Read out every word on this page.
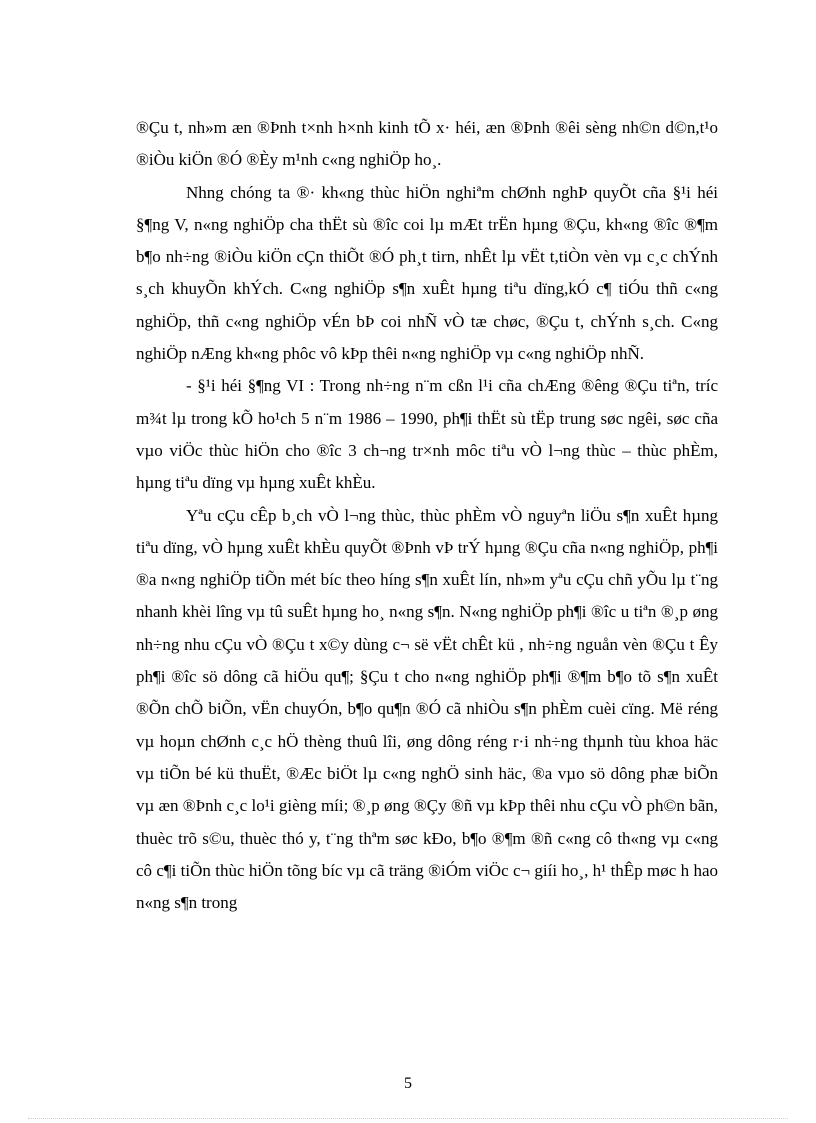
®Çu t, nh»m æn ®Þnh t×nh h×nh kinh tÕ x· héi, æn ®Þnh ®êi sèng nh©n d©n,t¹o ®iÒu kiÖn ®Ó ®Èy m¹nh c«ng nghiÖp ho¸.

Nhng chóng ta ®· kh«ng thùc hiÖn nghiªm chØnh nghÞ quyÕt cña §¹i héi §¶ng V, n«ng nghiÖp cha thËt sù ®îc coi lµ mÆt trËn hµng ®Çu, kh«ng ®îc ®¶m b¶o nh÷ng ®iÒu kiÖn cÇn thiÕt ®Ó ph¸t tirn, nhÊt lµ vËt t,tiÒn vèn vµ c¸c chÝnh s¸ch khuyÕn khÝch. C«ng nghiÖp s¶n xuÊt hµng tiªu dïng,kÓ c¶ tiÓu thñ c«ng nghiÖp, thñ c«ng nghiÖp vÉn bÞ coi nhÑ vÒ tæ chøc, ®Çu t, chÝnh s¸ch. C«ng nghiÖp nÆng kh«ng phôc vô kÞp thêi n«ng nghiÖp vµ c«ng nghiÖp nhÑ.

- §¹i héi §¶ng VI : Trong nh÷ng n¨m cßn l¹i cña chÆng ®êng ®Çu tiªn, tríc m¾t lµ trong kÕ ho¹ch 5 n¨m 1986 – 1990, ph¶i thËt sù tËp trung søc ngêi, søc cña vµo viÖc thùc hiÖn cho ®îc 3 ch¬ng tr×nh môc tiªu vÒ l¬ng thùc – thùc phÈm, hµng tiªu dïng vµ hµng xuÊt khÈu.

Yªu cÇu cÊp b¸ch vÒ l¬ng thùc, thùc phÈm vÒ nguyªn liÖu s¶n xuÊt hµng tiªu dïng, vÒ hµng xuÊt khÈu quyÕt ®Þnh vÞ trÝ hµng ®Çu cña n«ng nghiÖp, ph¶i ®a n«ng nghiÖp tiÕn mét bíc theo híng s¶n xuÊt lín, nh»m yªu cÇu chñ yÕu lµ t¨ng nhanh khèi lîng vµ tû suÊt hµng ho¸ n«ng s¶n. N«ng nghiÖp ph¶i ®îc u tiªn ®¸p øng nh÷ng nhu cÇu vÒ ®Çu t x©y dùng c¬ së vËt chÊt kü , nh÷ng nguån vèn ®Çu t Êy ph¶i ®îc sö dông cã hiÖu qu¶; §Çu t cho n«ng nghiÖp ph¶i ®¶m b¶o tõ s¶n xuÊt ®Õn chÕ biÕn, vËn chuyÓn, b¶o qu¶n ®Ó cã nhiÒu s¶n phÈm cuèi cïng. Më réng vµ hoµn chØnh c¸c hÖ thèng thuû lîi, øng dông réng r·i nh÷ng thµnh tùu khoa häc vµ tiÕn bé kü thuËt, ®Æc biÖt lµ c«ng nghÖ sinh häc, ®a vµo sö dông phæ biÕn vµ æn ®Þnh c¸c lo¹i gièng míi; ®¸p øng ®Çy ®ñ vµ kÞp thêi nhu cÇu vÒ ph©n bãn, thuèc trõ s©u, thuèc thó y, t¨ng thªm søc kÐo, b¶o ®¶m ®ñ c«ng cô th«ng vµ c«ng cô c¶i tiÕn thùc hiÖn tõng bíc vµ cã träng ®iÓm viÖc c¬ giíi ho¸, h¹ thÊp møc h hao n«ng s¶n trong

5
